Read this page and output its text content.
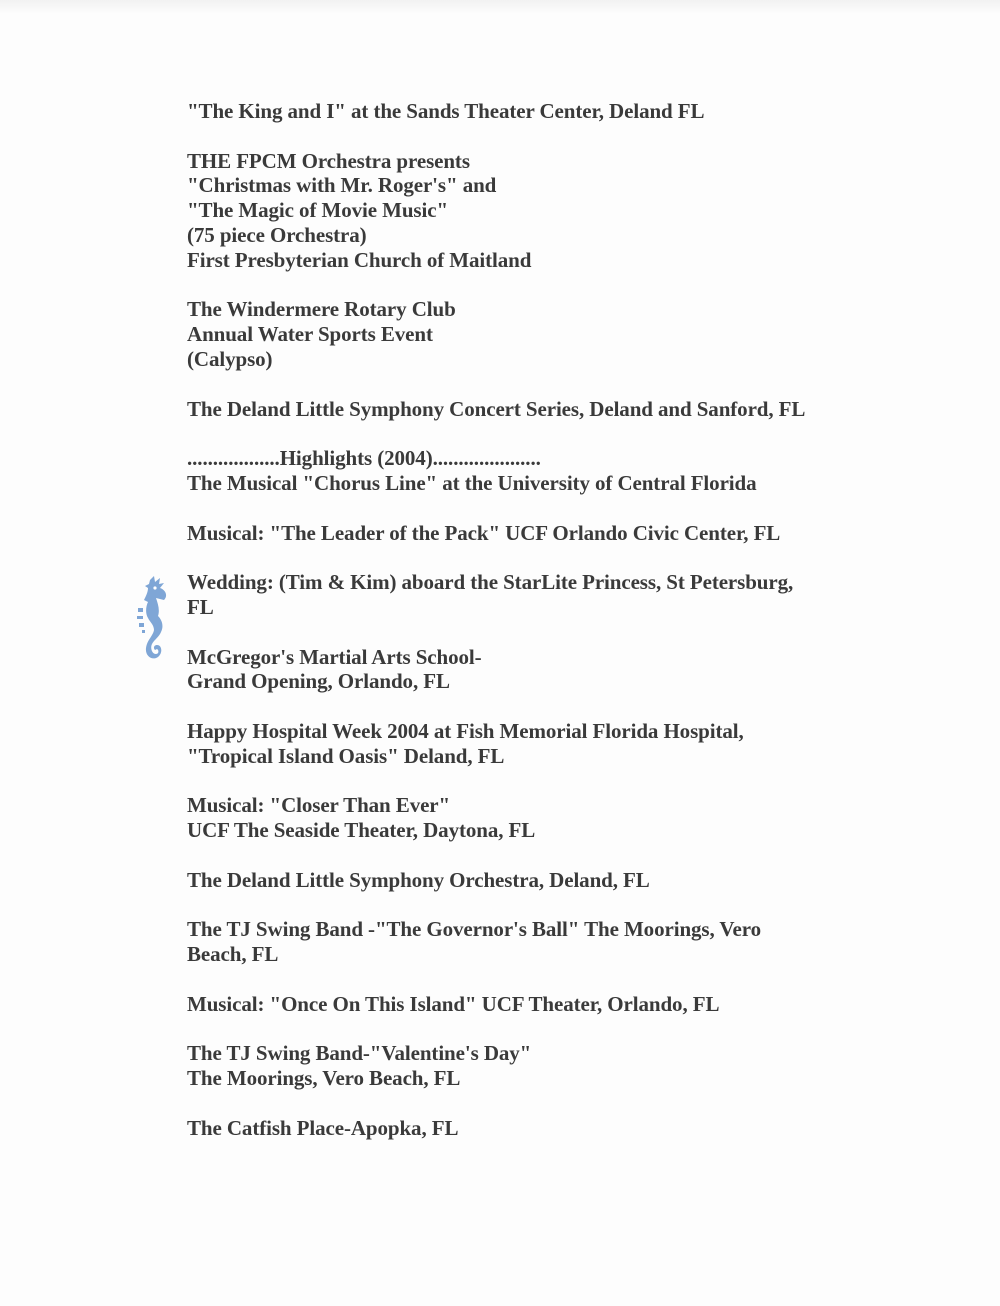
"The King and I" at the Sands Theater Center, Deland FL
THE FPCM Orchestra presents
"Christmas with Mr. Roger's" and
"The Magic of Movie Music"
(75 piece Orchestra)
First Presbyterian Church of Maitland
The Windermere Rotary Club
Annual Water Sports Event
(Calypso)
The Deland Little Symphony Concert Series, Deland and Sanford, FL
..................Highlights (2004).....................
The Musical "Chorus Line" at the University of Central Florida
Musical: "The Leader of the Pack" UCF Orlando Civic Center, FL
Wedding: (Tim & Kim) aboard the StarLite Princess, St Petersburg,
FL
McGregor's Martial Arts School-
Grand Opening, Orlando, FL
Happy Hospital Week 2004 at Fish Memorial Florida Hospital,
"Tropical Island Oasis" Deland, FL
Musical: "Closer Than Ever"
UCF The Seaside Theater, Daytona, FL
The Deland Little Symphony Orchestra, Deland, FL
The TJ Swing Band -"The Governor's Ball" The Moorings, Vero
Beach, FL
Musical: "Once On This Island" UCF Theater, Orlando, FL
The TJ Swing Band-"Valentine's Day"
The Moorings, Vero Beach, FL
The Catfish Place-Apopka, FL
